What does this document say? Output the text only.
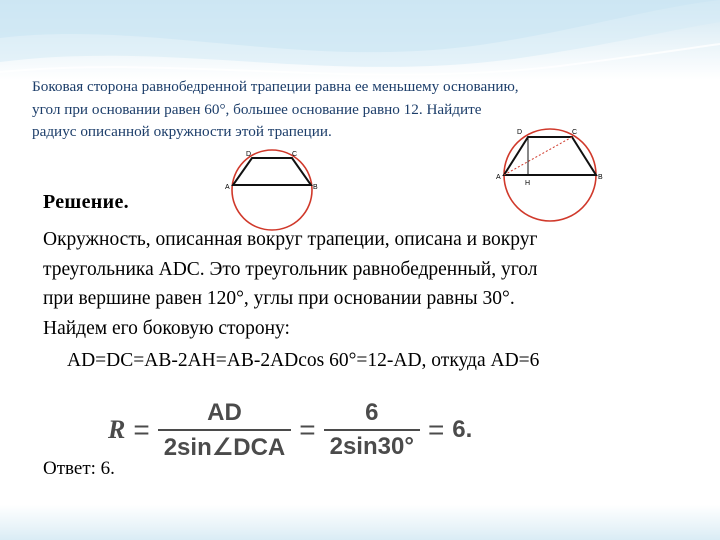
Боковая сторона равнобедренной трапеции равна ее меньшему основанию,
угол при основании равен 60°, большее основание равно 12. Найдите
радиус описанной окружности этой трапеции.
A	B
C
D
A	B
C
D
H
Решение.
Окружность, описанная вокруг трапеции, описана и вокруг
треугольника ADC. Это треугольник равнобедренный, угол
при вершине равен 120°, углы при основании равны 30°.
Найдем его боковую сторону:
AD=DC=AB-2AH=AB-2ADcos 60°=12-AD, откуда AD=6
$R = \frac{AD}{\text{2sin∠DCA}} = \frac{6}{2\sin 30^\circ} = 6$.
Ответ: 6.
